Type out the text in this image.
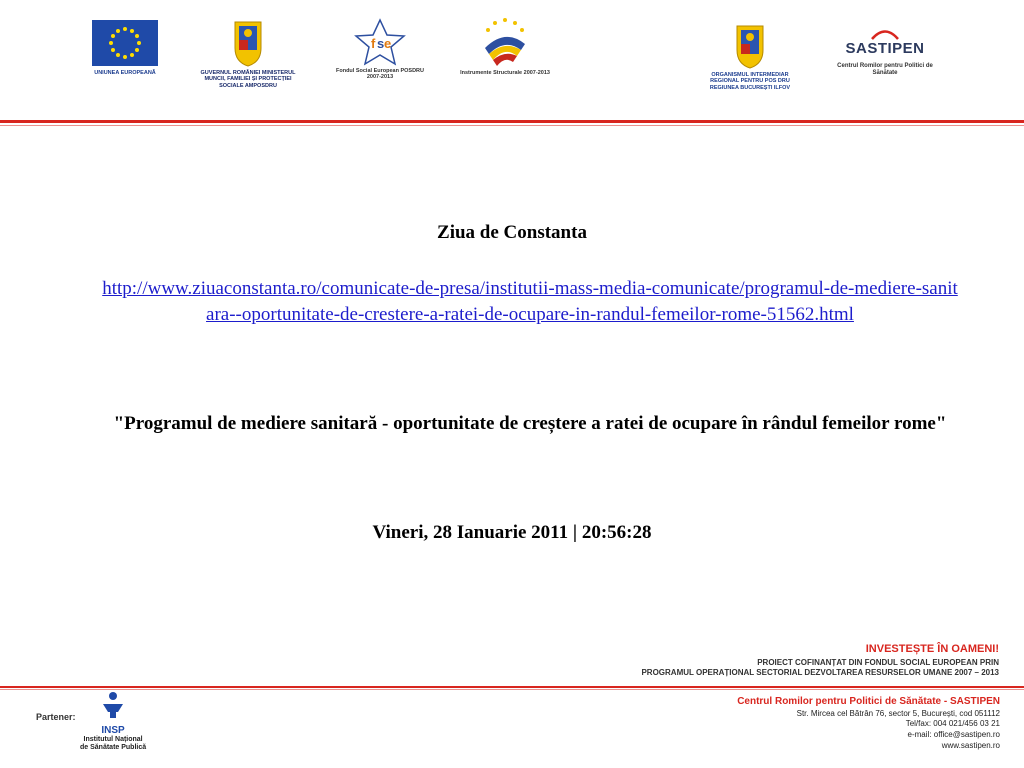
UNIUNEA EUROPEANĂ	GUVERNUL ROMÂNIEI MINISTERUL MUNCII, FAMILIEI ȘI PROTECȚIEI SOCIALE AMPOSDRU
f s e
Fondul Social European POSDRU 2007-2013
Instrumente Structurale 2007-2013	ORGANISMUL INTERMEDIAR REGIONAL PENTRU POS DRU REGIUNEA BUCUREȘTI ILFOV
SASTIPEN
Centrul Romilor pentru Politici de Sănătate
Ziua de Constanta
http://www.ziuaconstanta.ro/comunicate-de-presa/institutii-mass-media-comunicate/programul-de-mediere-sanitara--oportunitate-de-crestere-a-ratei-de-ocupare-in-randul-femeilor-rome-51562.html
"Programul de mediere sanitară - oportunitate de creștere a ratei de ocupare în rândul femeilor rome"
Vineri, 28 Ianuarie 2011 | 20:56:28
INVESTEȘTE ÎN OAMENI!
PROIECT COFINANȚAT DIN FONDUL SOCIAL EUROPEAN PRIN
PROGRAMUL OPERAȚIONAL SECTORIAL DEZVOLTAREA RESURSELOR UMANE 2007 – 2013
Partener:
INSP
Institutul Național
de Sănătate Publică
Centrul Romilor pentru Politici de Sănătate - SASTIPEN
Str. Mircea cel Bătrân 76, sector 5, București, cod 051112
Tel/fax: 004 021/456 03 21
e-mail: office@sastipen.ro
www.sastipen.ro
